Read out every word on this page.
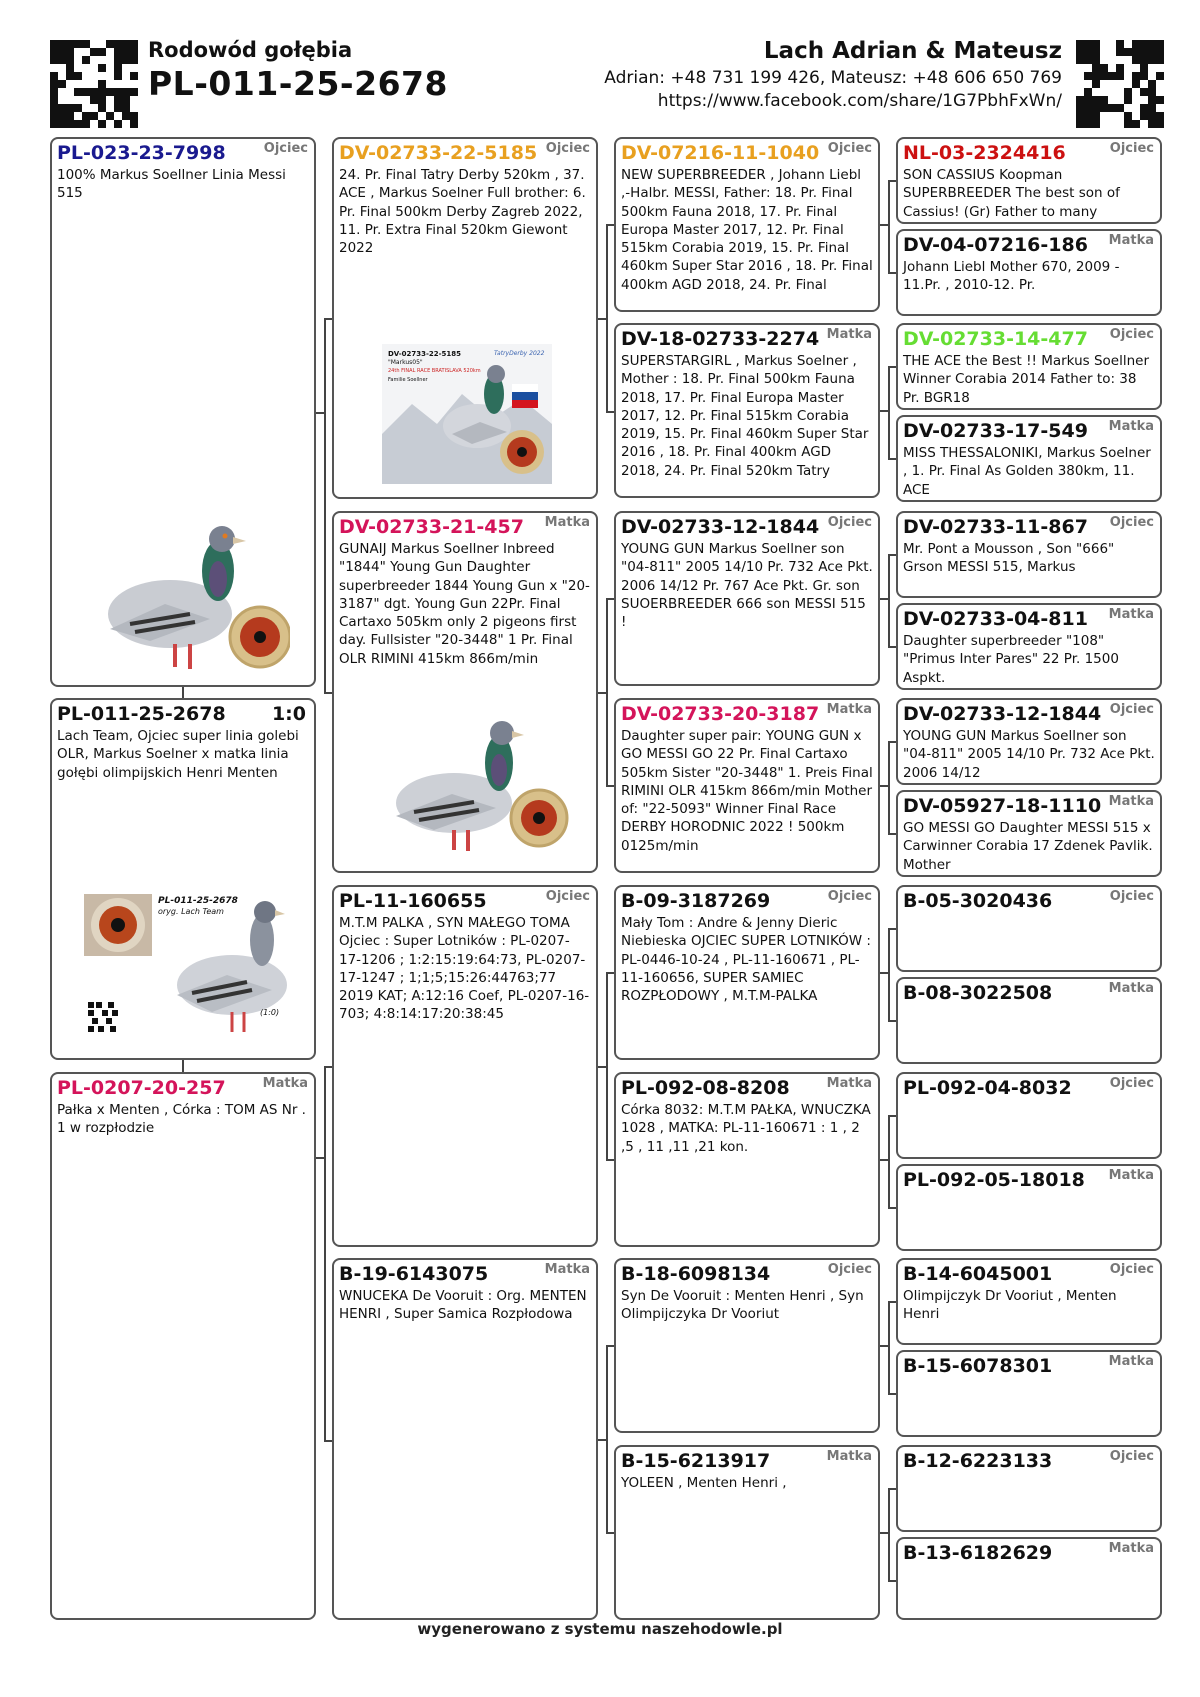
Rodowód gołębia
PL-011-25-2678
Lach Adrian & Mateusz
Adrian: +48 731 199 426, Mateusz: +48 606 650 769
https://www.facebook.com/share/1G7PbhFxWn/
PL-023-23-7998	Ojciec
100% Markus Soellner Linia Messi 515
PL-011-25-2678	1:0
Lach Team, Ojciec super linia golebi OLR, Markus Soelner x matka linia gołębi olimpijskich Henri Menten
PL-011-25-2678
oryg. Lach Team
(1:0)
PL-0207-20-257	Matka
Pałka x Menten , Córka : TOM AS Nr . 1 w rozpłodzie
DV-02733-22-5185 Ojciec
24. Pr. Final Tatry Derby 520km , 37. ACE , Markus Soelner Full brother: 6. Pr. Final 500km Derby Zagreb 2022, 11. Pr. Extra Final 520km Giewont 2022
DV-02733-22-5185
"Markus05"
24th FINAL RACE BRATISLAVA 520km
Familie Soellner
TatryDerby 2022
DV-02733-21-457	Matka
GUNAIJ Markus Soellner Inbreed "1844" Young Gun Daughter superbreeder 1844 Young Gun x "20-3187" dgt. Young Gun 22Pr. Final Cartaxo 505km only 2 pigeons first day. Fullsister "20-3448" 1 Pr. Final OLR RIMINI 415km 866m/min
PL-11-160655	Ojciec
M.T.M PALKA , SYN MAŁEGO TOMA Ojciec : Super Lotników : PL-0207-17-1206 ; 1:2:15:19:64:73, PL-0207-17-1247 ; 1;1;5;15:26:44763;77 2019 KAT; A:12:16 Coef, PL-0207-16-703; 4:8:14:17:20:38:45
B-19-6143075	Matka
WNUCEKA De Vooruit : Org. MENTEN HENRI , Super Samica Rozpłodowa
DV-07216-11-1040 Ojciec
NEW SUPERBREEDER , Johann Liebl ,-Halbr. MESSI, Father: 18. Pr. Final 500km Fauna 2018, 17. Pr. Final Europa Master 2017, 12. Pr. Final 515km Corabia 2019, 15. Pr. Final 460km Super Star 2016 , 18. Pr. Final 400km AGD 2018, 24. Pr. Final
DV-18-02733-2274 Matka
SUPERSTARGIRL , Markus Soelner , Mother : 18. Pr. Final 500km Fauna 2018, 17. Pr. Final Europa Master 2017, 12. Pr. Final 515km Corabia 2019, 15. Pr. Final 460km Super Star 2016 , 18. Pr. Final 400km AGD 2018, 24. Pr. Final 520km Tatry
DV-02733-12-1844 Ojciec
YOUNG GUN Markus Soellner son "04-811" 2005 14/10 Pr. 732 Ace Pkt. 2006 14/12 Pr. 767 Ace Pkt. Gr. son SUOERBREEDER 666 son MESSI 515 !
DV-02733-20-3187 Matka
Daughter super pair: YOUNG GUN x GO MESSI GO 22 Pr. Final Cartaxo 505km Sister "20-3448" 1. Preis Final RIMINI OLR 415km 866m/min Mother of: "22-5093" Winner Final Race DERBY HORODNIC 2022 ! 500km 0125m/min
B-09-3187269	Ojciec
Mały Tom : Andre & Jenny Dieric Niebieska OJCIEC SUPER LOTNIKÓW : PL-0446-10-24 , PL-11-160671 , PL-11-160656, SUPER SAMIEC ROZPŁODOWY , M.T.M-PALKA
PL-092-08-8208	Matka
Córka 8032: M.T.M PAŁKA, WNUCZKA 1028 , MATKA: PL-11-160671 : 1 , 2 ,5 , 11 ,11 ,21 kon.
B-18-6098134	Ojciec
Syn De Vooruit : Menten Henri , Syn Olimpijczyka Dr Vooriut
B-15-6213917	Matka
YOLEEN , Menten Henri ,
NL-03-2324416	Ojciec
SON CASSIUS Koopman SUPERBREEDER The best son of Cassius! (Gr) Father to many
DV-04-07216-186	Matka
Johann Liebl Mother 670, 2009 - 11.Pr. , 2010-12. Pr.
DV-02733-14-477	Ojciec
THE ACE the Best !! Markus Soellner Winner Corabia 2014 Father to: 38 Pr. BGR18
DV-02733-17-549	Matka
MISS THESSALONIKI, Markus Soelner , 1. Pr. Final As Golden 380km, 11. ACE
DV-02733-11-867	Ojciec
Mr. Pont a Mousson , Son "666" Grson MESSI 515, Markus
DV-02733-04-811	Matka
Daughter superbreeder "108" "Primus Inter Pares" 22 Pr. 1500 Aspkt.
DV-02733-12-1844 Ojciec
YOUNG GUN Markus Soellner son "04-811" 2005 14/10 Pr. 732 Ace Pkt. 2006 14/12
DV-05927-18-1110 Matka
GO MESSI GO Daughter MESSI 515 x Carwinner Corabia 17 Zdenek Pavlik. Mother
B-05-3020436	Ojciec
B-08-3022508	Matka
PL-092-04-8032	Ojciec
PL-092-05-18018	Matka
B-14-6045001	Ojciec
Olimpijczyk Dr Vooriut , Menten Henri
B-15-6078301	Matka
B-12-6223133	Ojciec
B-13-6182629	Matka
wygenerowano z systemu naszehodowle.pl
